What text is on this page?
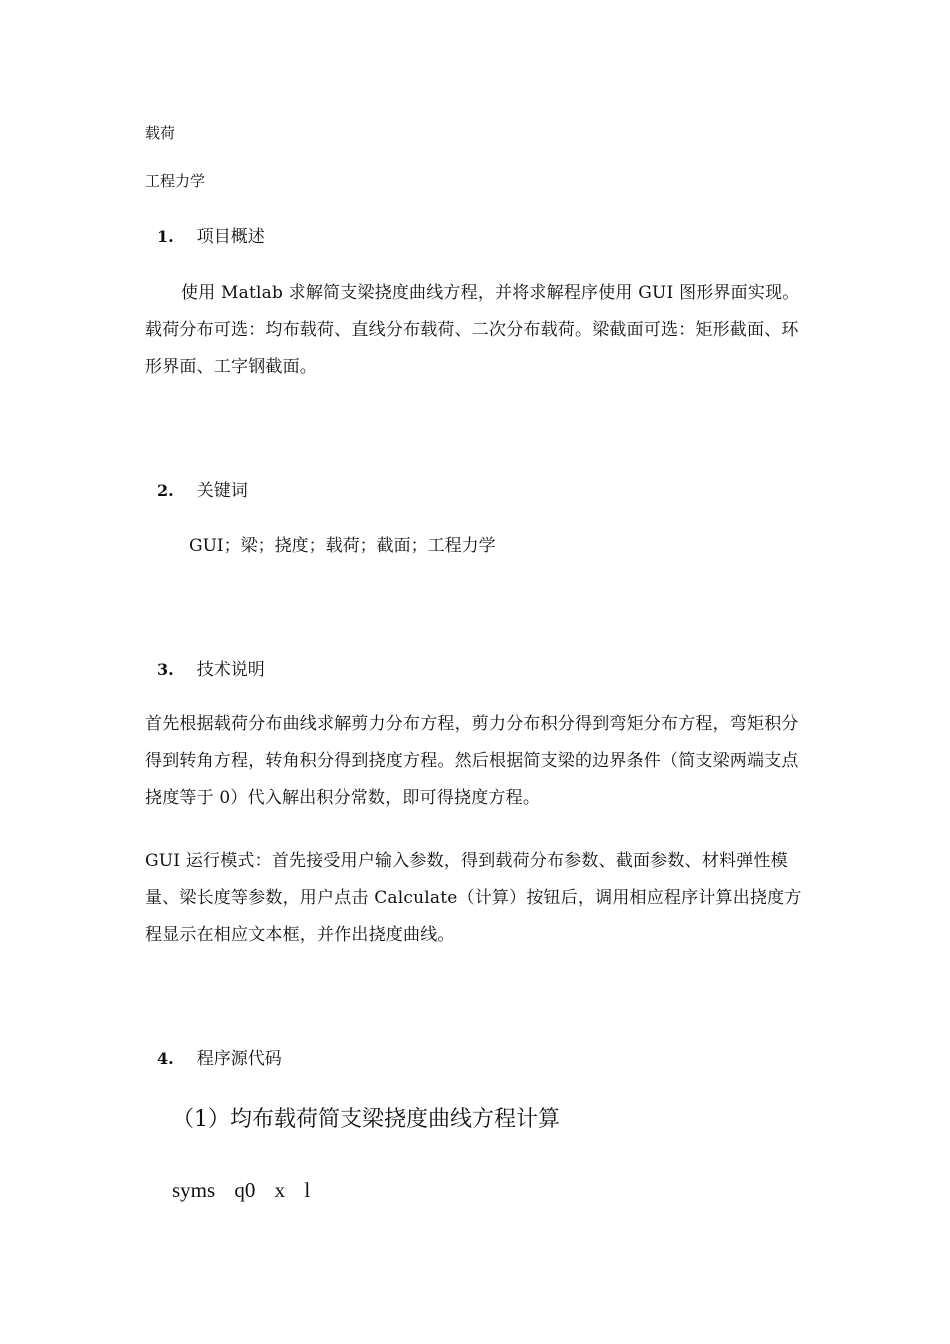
载荷
工程力学
1. 项目概述
使用 Matlab 求解简支梁挠度曲线方程，并将求解程序使用 GUI 图形界面实现。载荷分布可选：均布载荷、直线分布载荷、二次分布载荷。梁截面可选：矩形截面、环形界面、工字钢截面。
2. 关键词
GUI；梁；挠度；载荷；截面；工程力学
3. 技术说明
首先根据载荷分布曲线求解剪力分布方程，剪力分布积分得到弯矩分布方程，弯矩积分得到转角方程，转角积分得到挠度方程。然后根据简支梁的边界条件（简支梁两端支点挠度等于 0）代入解出积分常数，即可得挠度方程。
GUI 运行模式：首先接受用户输入参数，得到载荷分布参数、截面参数、材料弹性模量、梁长度等参数，用户点击 Calculate（计算）按钮后，调用相应程序计算出挠度方程显示在相应文本框，并作出挠度曲线。
4. 程序源代码
（1）均布载荷简支梁挠度曲线方程计算
syms q0 x l
